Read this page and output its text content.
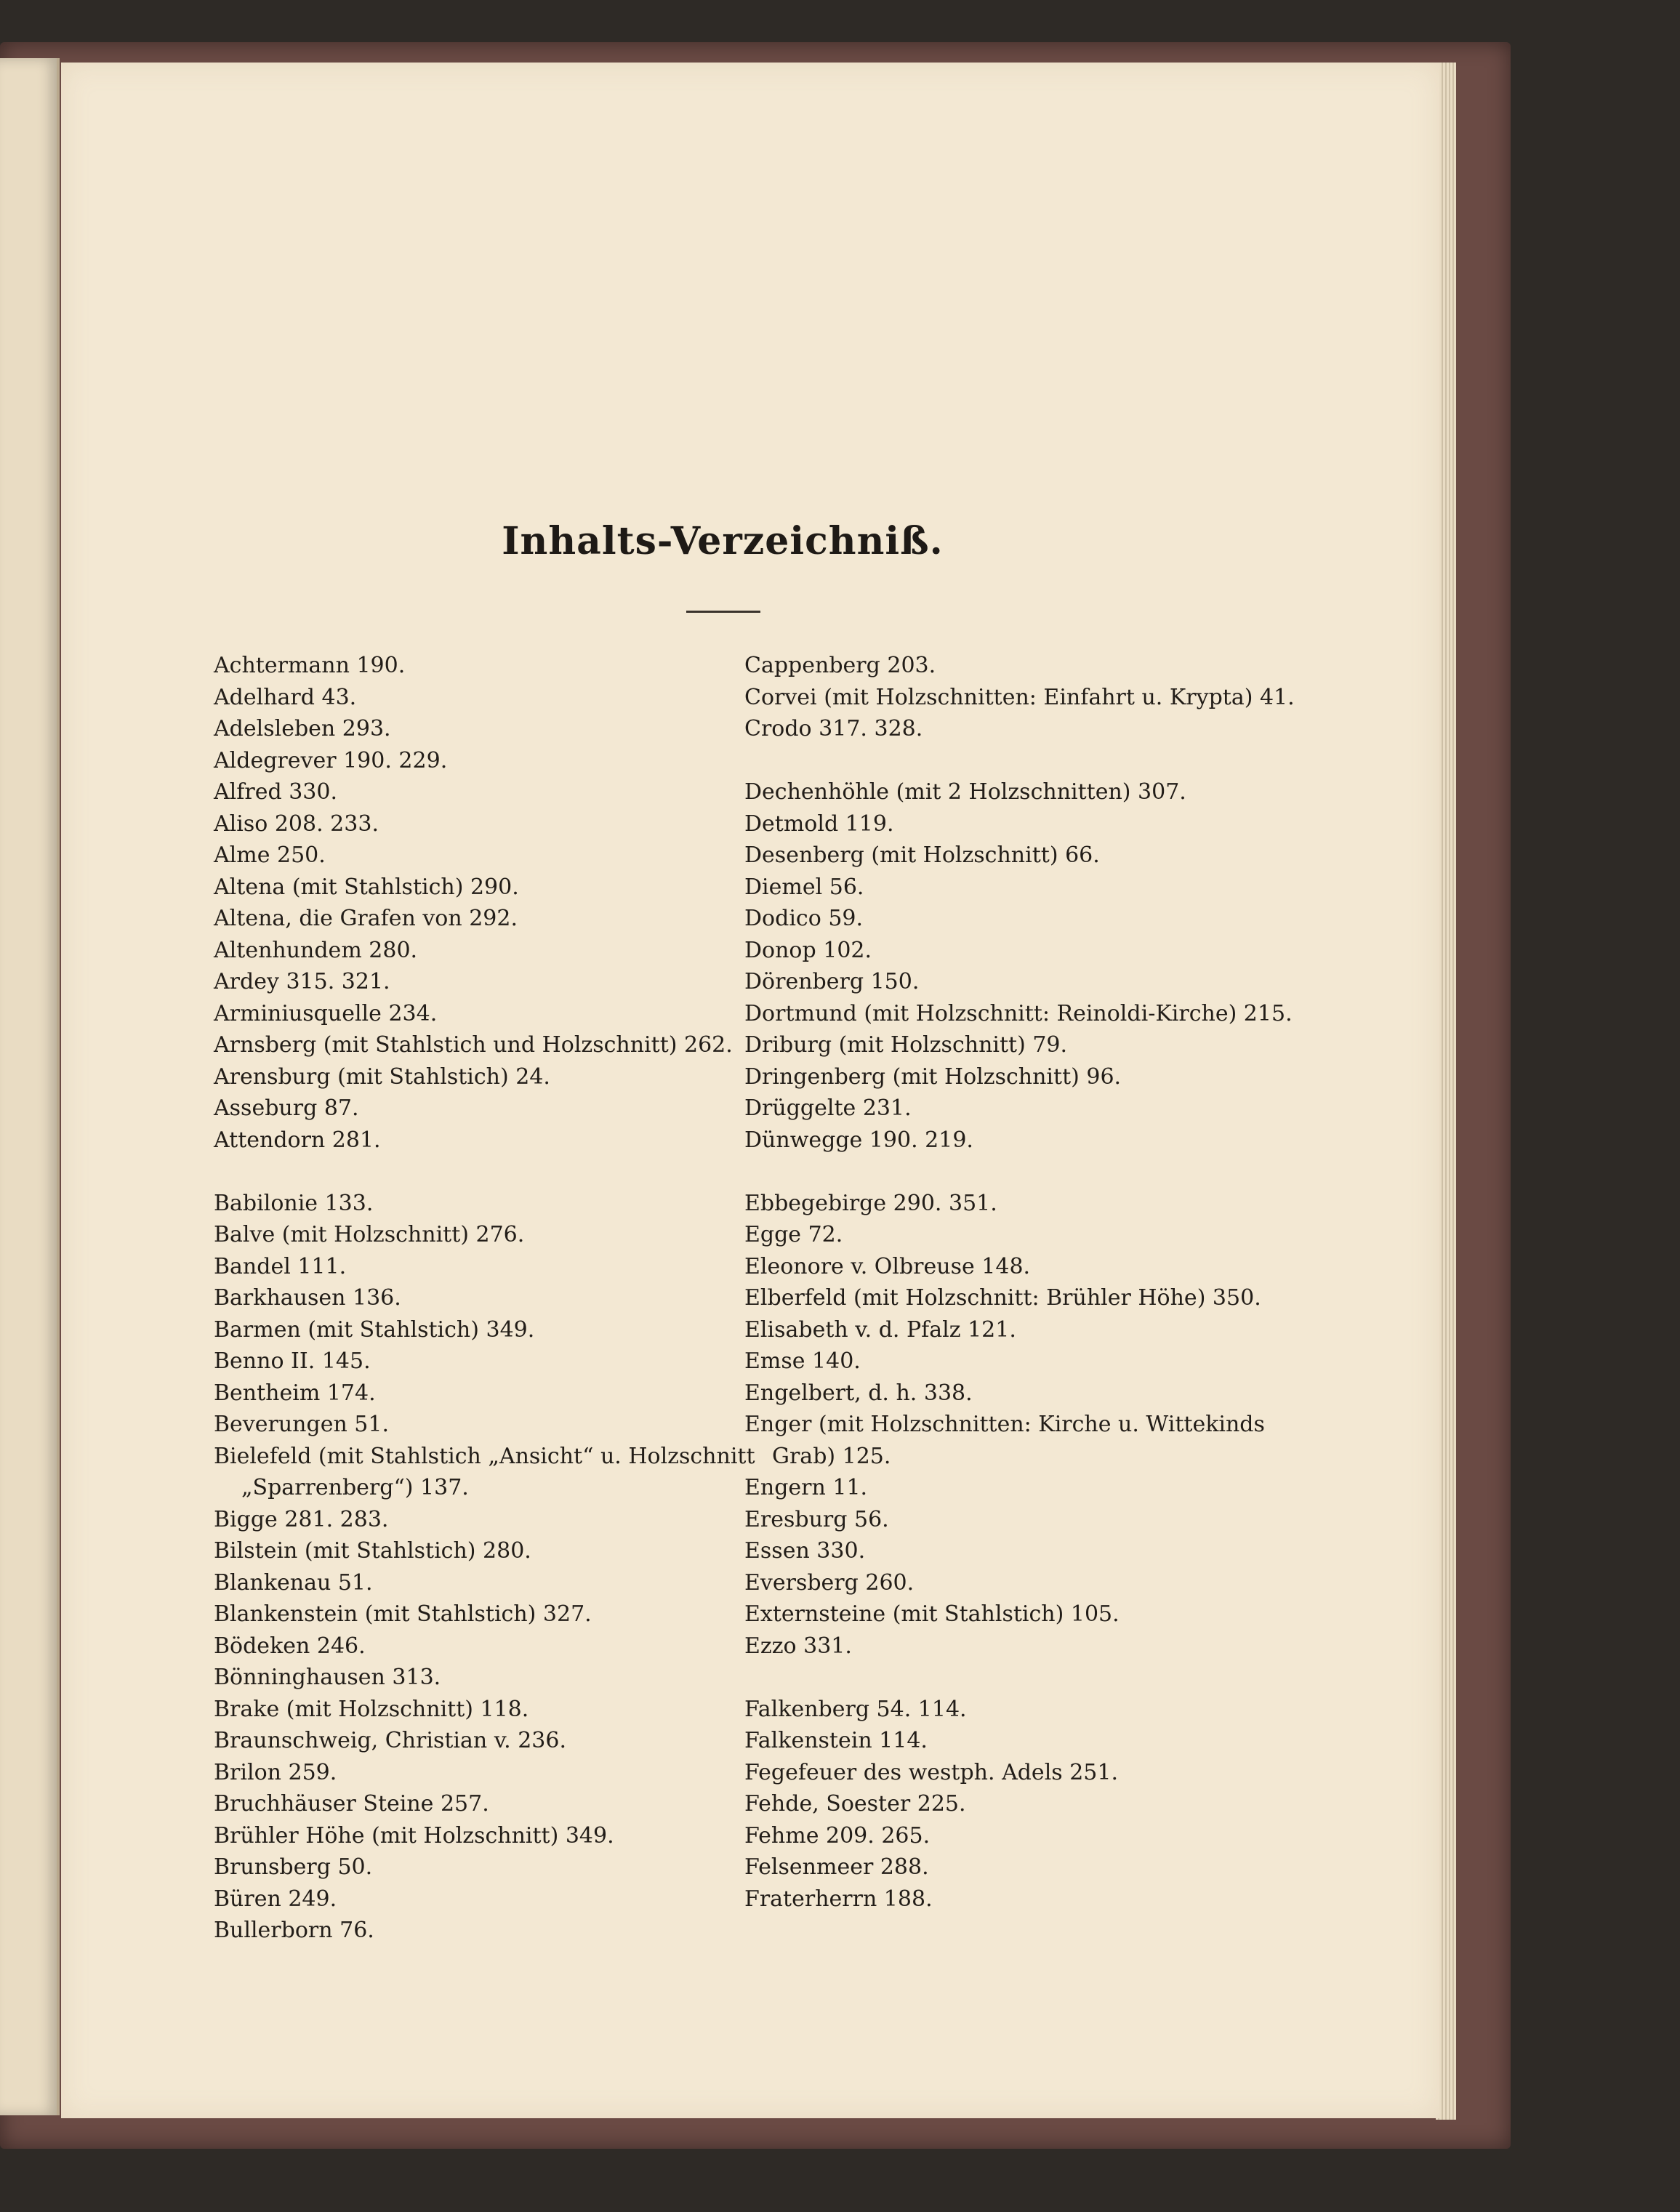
Inhalts-Verzeichniß.
Achtermann 190.
Adelhard 43.
Adelsleben 293.
Aldegrever 190. 229.
Alfred 330.
Aliso 208. 233.
Alme 250.
Altena (mit Stahlstich) 290.
Altena, die Grafen von 292.
Altenhundem 280.
Ardey 315. 321.
Arminiusquelle 234.
Arnsberg (mit Stahlstich und Holzschnitt) 262.
Arensburg (mit Stahlstich) 24.
Asseburg 87.
Attendorn 281.
Babilonie 133.
Balve (mit Holzschnitt) 276.
Bandel 111.
Barkhausen 136.
Barmen (mit Stahlstich) 349.
Benno II. 145.
Bentheim 174.
Beverungen 51.
Bielefeld (mit Stahlstich „Ansicht“ u. Holzschnitt
„Sparrenberg“) 137.
Bigge 281. 283.
Bilstein (mit Stahlstich) 280.
Blankenau 51.
Blankenstein (mit Stahlstich) 327.
Bödeken 246.
Bönninghausen 313.
Brake (mit Holzschnitt) 118.
Braunschweig, Christian v. 236.
Brilon 259.
Bruchhäuser Steine 257.
Brühler Höhe (mit Holzschnitt) 349.
Brunsberg 50.
Büren 249.
Bullerborn 76.
Cappenberg 203.
Corvei (mit Holzschnitten: Einfahrt u. Krypta) 41.
Crodo 317. 328.
Dechenhöhle (mit 2 Holzschnitten) 307.
Detmold 119.
Desenberg (mit Holzschnitt) 66.
Diemel 56.
Dodico 59.
Donop 102.
Dörenberg 150.
Dortmund (mit Holzschnitt: Reinoldi-Kirche) 215.
Driburg (mit Holzschnitt) 79.
Dringenberg (mit Holzschnitt) 96.
Drüggelte 231.
Dünwegge 190. 219.
Ebbegebirge 290. 351.
Egge 72.
Eleonore v. Olbreuse 148.
Elberfeld (mit Holzschnitt: Brühler Höhe) 350.
Elisabeth v. d. Pfalz 121.
Emse 140.
Engelbert, d. h. 338.
Enger (mit Holzschnitten: Kirche u. Wittekinds
Grab) 125.
Engern 11.
Eresburg 56.
Essen 330.
Eversberg 260.
Externsteine (mit Stahlstich) 105.
Ezzo 331.
Falkenberg 54. 114.
Falkenstein 114.
Fegefeuer des westph. Adels 251.
Fehde, Soester 225.
Fehme 209. 265.
Felsenmeer 288.
Fraterherrn 188.
